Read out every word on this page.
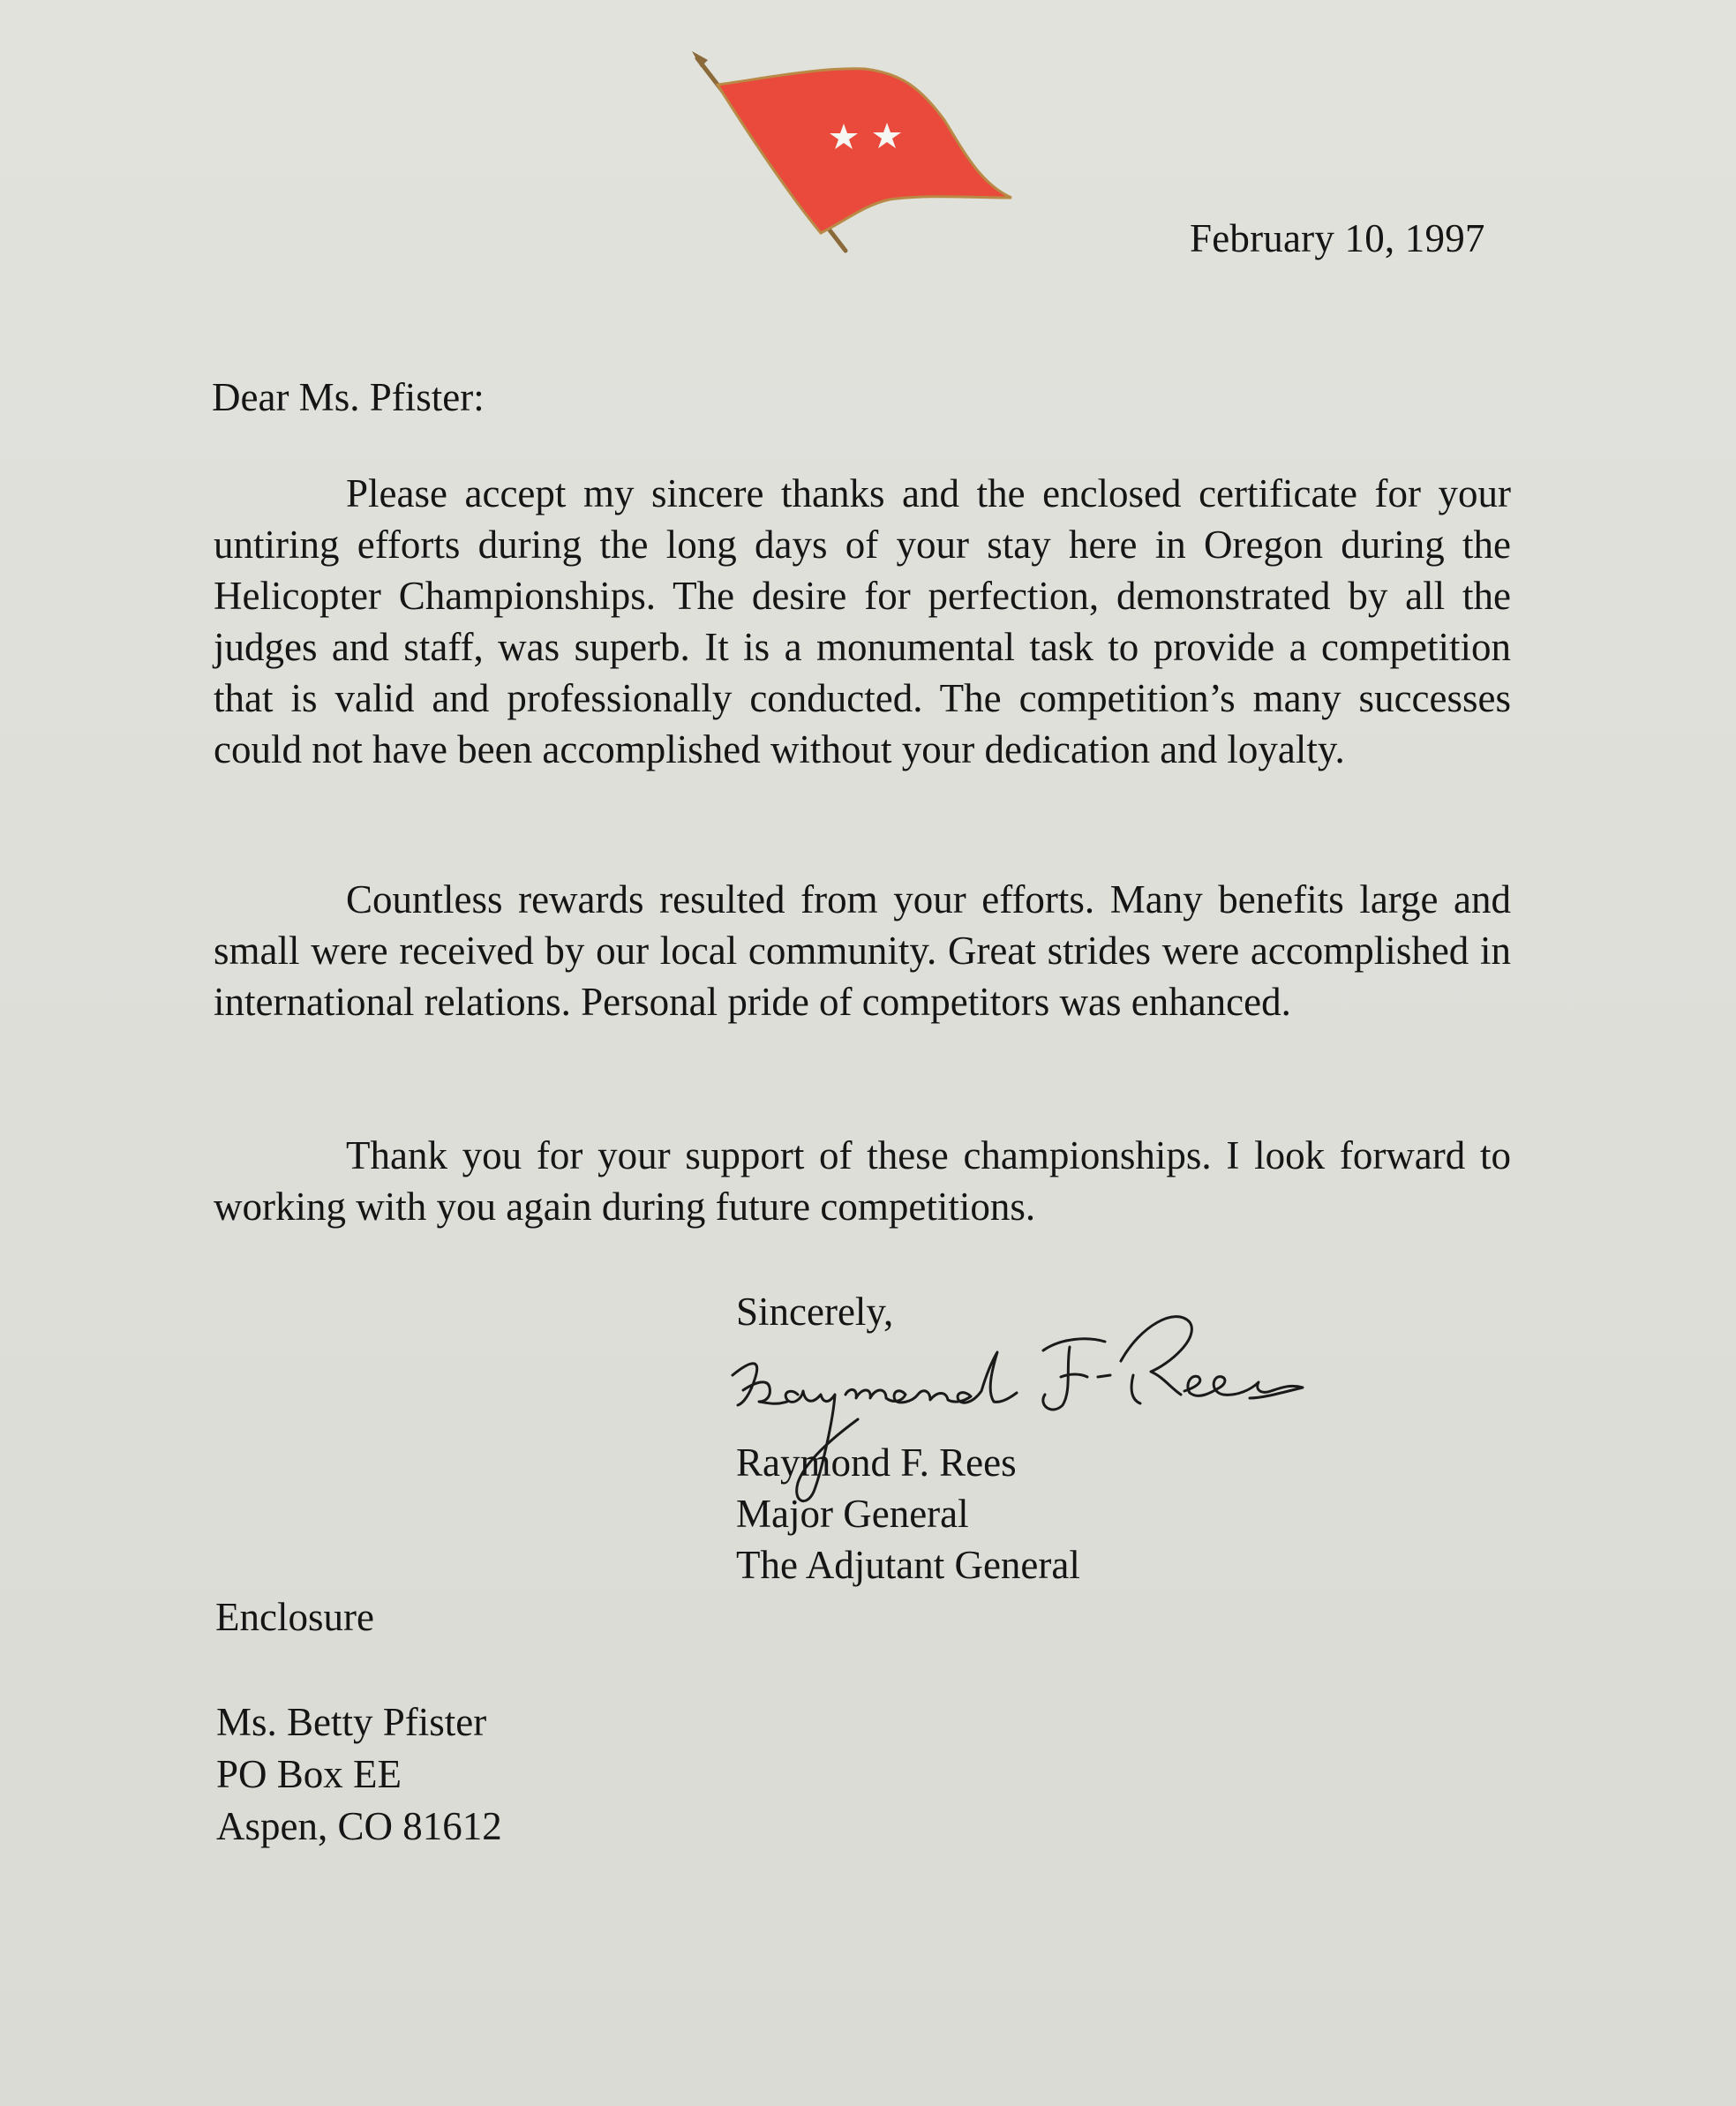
February 10, 1997
Dear Ms. Pfister:

Please accept my sincere thanks and the enclosed certificate for your untiring efforts during the long days of your stay here in Oregon during the Helicopter Championships. The desire for perfection, demonstrated by all the judges and staff, was superb. It is a monumental task to provide a competition that is valid and professionally conducted. The competition’s many successes could not have been accomplished without your dedication and loyalty.

Countless rewards resulted from your efforts. Many benefits large and small were received by our local community. Great strides were accomplished in international relations. Personal pride of competitors was enhanced.

Thank you for your support of these championships. I look forward to working with you again during future competitions.

Sincerely,
Raymond F. Rees
Major General
The Adjutant General
Enclosure
Ms. Betty Pfister
PO Box EE
Aspen, CO 81612
